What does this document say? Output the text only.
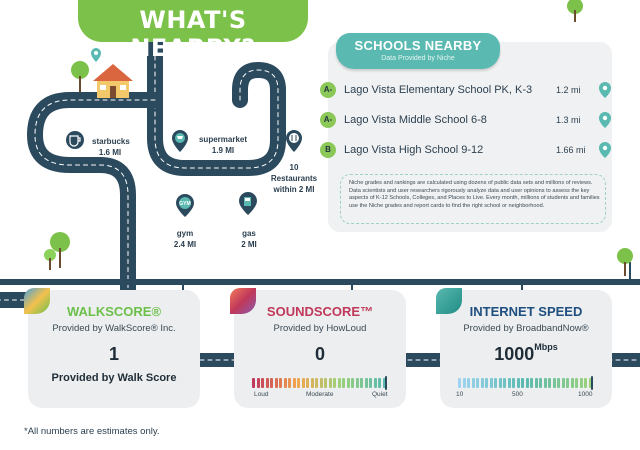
GYM
WHAT'S NEARBY?
starbucks
1.6 MI
supermarket
1.9 MI
10 Restaurants
within 2 MI
gym
2.4 MI
gas
2 MI
SCHOOLS NEARBY
Data Provided by Niche
A-	Lago Vista Elementary School PK, K-3	1.2 mi
A-	Lago Vista Middle School 6-8	1.3 mi
B	Lago Vista High School 9-12	1.66 mi
Niche grades and rankings are calculated using dozens of public data sets and millions of reviews. Data scientists and user researchers rigorously analyze data and user opinions to assess the key aspects of K-12 Schools, Colleges, and Places to Live. Every month, millions of students and families use the Niche grades and report cards to find the right school or neighborhood.
WALKSCORE®
Provided by WalkScore® Inc.
1
Provided by Walk Score
SOUNDSCORE™
Provided by HowLoud
0
Loud	Moderate	Quiet
INTERNET SPEED
Provided by BroadbandNow®
$1000^{Mbps}$
10	500	1000
*All numbers are estimates only.
